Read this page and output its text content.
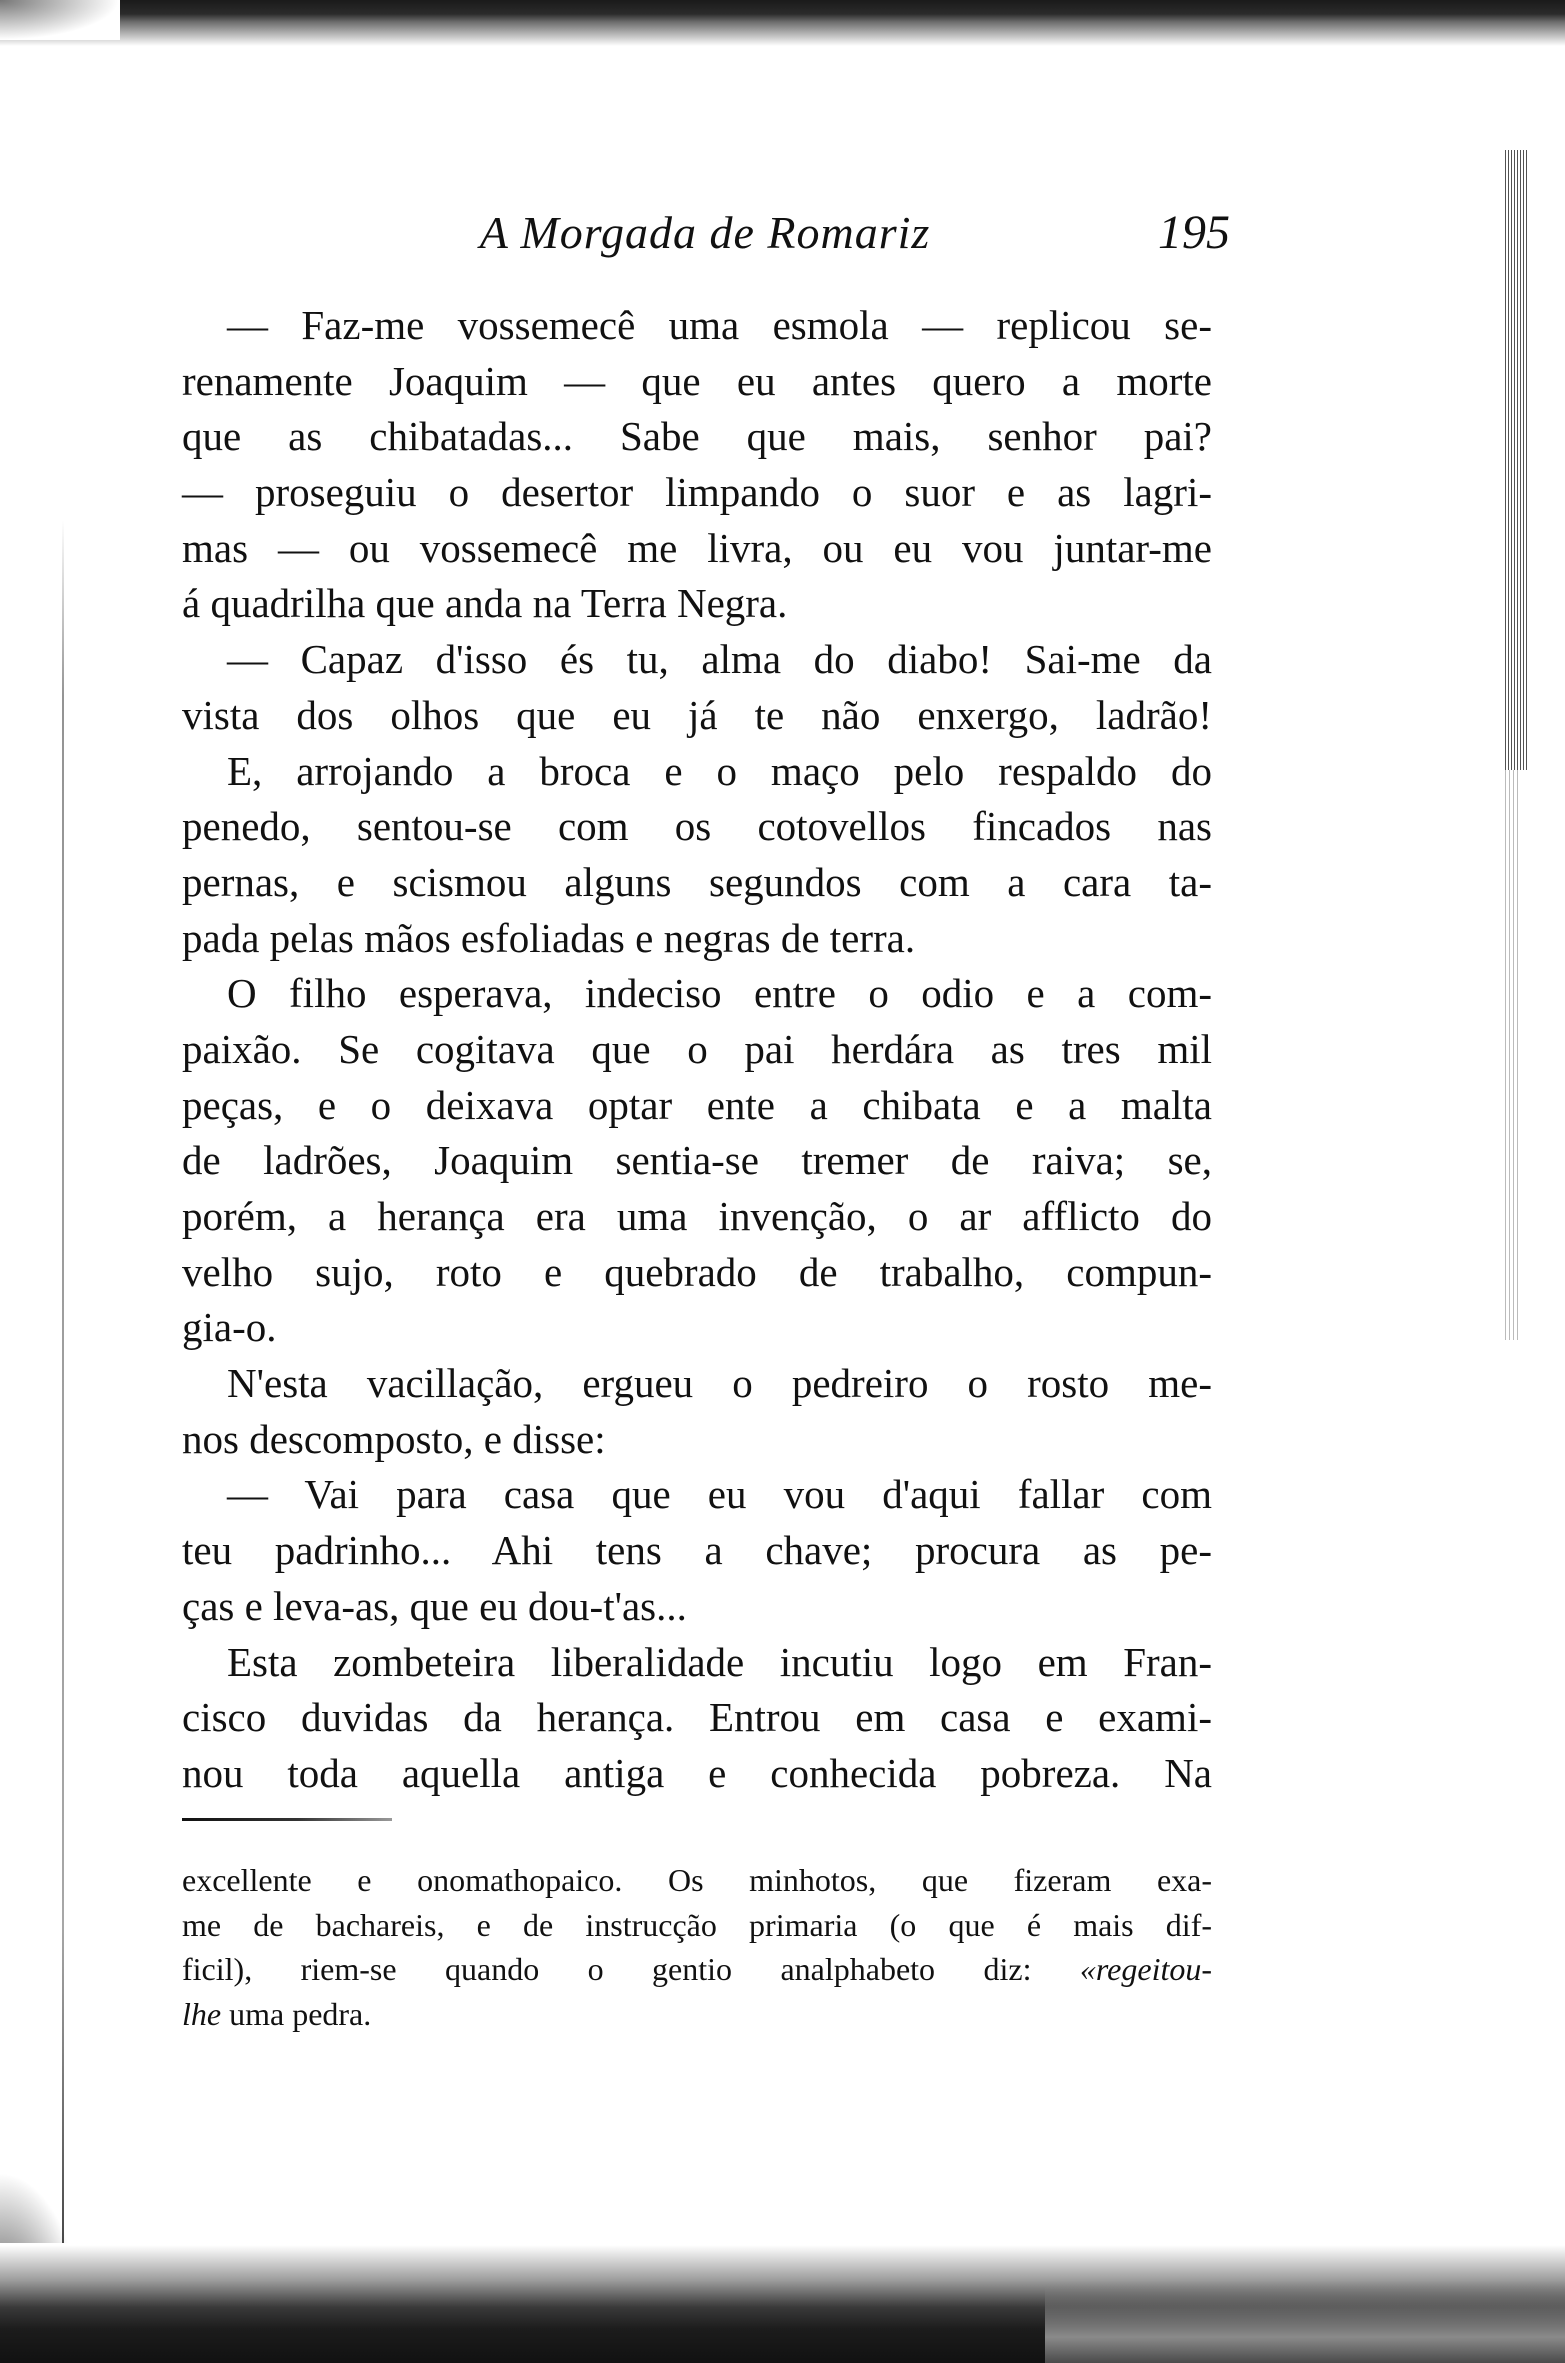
A Morgada de Romariz	195
— Faz-me vossemecê uma esmola — replicou se-
renamente Joaquim — que eu antes quero a morte
que as chibatadas... Sabe que mais, senhor pai?
— proseguiu o desertor limpando o suor e as lagri-
mas — ou vossemecê me livra, ou eu vou juntar-me
á quadrilha que anda na Terra Negra.
— Capaz d'isso és tu, alma do diabo! Sai-me da
vista dos olhos que eu já te não enxergo, ladrão!
E, arrojando a broca e o maço pelo respaldo do
penedo, sentou-se com os cotovellos fincados nas
pernas, e scismou alguns segundos com a cara ta-
pada pelas mãos esfoliadas e negras de terra.
O filho esperava, indeciso entre o odio e a com-
paixão. Se cogitava que o pai herdára as tres mil
peças, e o deixava optar ente a chibata e a malta
de ladrões, Joaquim sentia-se tremer de raiva; se,
porém, a herança era uma invenção, o ar afflicto do
velho sujo, roto e quebrado de trabalho, compun-
gia-o.
N'esta vacillação, ergueu o pedreiro o rosto me-
nos descomposto, e disse:
— Vai para casa que eu vou d'aqui fallar com
teu padrinho... Ahi tens a chave; procura as pe-
ças e leva-as, que eu dou-t'as...
Esta zombeteira liberalidade incutiu logo em Fran-
cisco duvidas da herança. Entrou em casa e exami-
nou toda aquella antiga e conhecida pobreza. Na
excellente e onomathopaico. Os minhotos, que fizeram exa-
me de bachareis, e de instrucção primaria (o que é mais dif-
ficil), riem-se quando o gentio analphabeto diz: «regeitou-
lhe uma pedra.
